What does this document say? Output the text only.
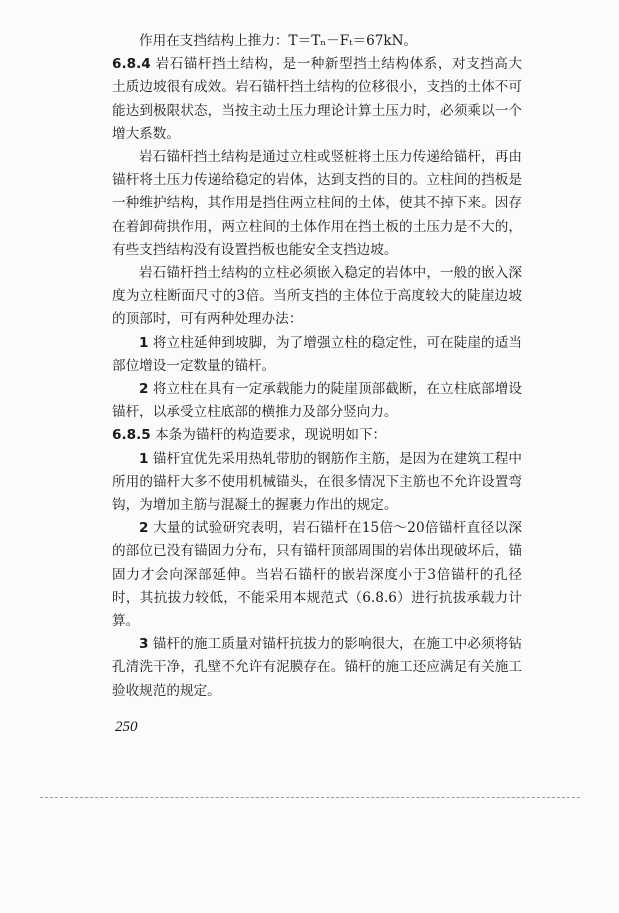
作用在支挡结构上推力：T＝Tₙ－Fₜ＝67kN。

6.8.4 岩石锚杆挡土结构，是一种新型挡土结构体系，对支挡高大土质边坡很有成效。岩石锚杆挡土结构的位移很小，支挡的土体不可能达到极限状态，当按主动土压力理论计算土压力时，必须乘以一个增大系数。

岩石锚杆挡土结构是通过立柱或竖桩将土压力传递给锚杆，再由锚杆将土压力传递给稳定的岩体，达到支挡的目的。立柱间的挡板是一种维护结构，其作用是挡住两立柱间的土体，使其不掉下来。因存在着卸荷拱作用，两立柱间的土体作用在挡土板的土压力是不大的，有些支挡结构没有设置挡板也能安全支挡边坡。

岩石锚杆挡土结构的立柱必须嵌入稳定的岩体中，一般的嵌入深度为立柱断面尺寸的3倍。当所支挡的主体位于高度较大的陡崖边坡的顶部时，可有两种处理办法：

1 将立柱延伸到坡脚，为了增强立柱的稳定性，可在陡崖的适当部位增设一定数量的锚杆。

2 将立柱在具有一定承载能力的陡崖顶部截断，在立柱底部增设锚杆，以承受立柱底部的横推力及部分竖向力。

6.8.5 本条为锚杆的构造要求，现说明如下：

1 锚杆宜优先采用热轧带肋的钢筋作主筋，是因为在建筑工程中所用的锚杆大多不使用机械锚头，在很多情况下主筋也不允许设置弯钩，为增加主筋与混凝土的握裹力作出的规定。

2 大量的试验研究表明，岩石锚杆在15倍～20倍锚杆直径以深的部位已没有锚固力分布，只有锚杆顶部周围的岩体出现破坏后，锚固力才会向深部延伸。当岩石锚杆的嵌岩深度小于3倍锚杆的孔径时，其抗拔力较低，不能采用本规范式（6.8.6）进行抗拔承载力计算。

3 锚杆的施工质量对锚杆抗拔力的影响很大，在施工中必须将钻孔清洗干净，孔壁不允许有泥膜存在。锚杆的施工还应满足有关施工验收规范的规定。

250
